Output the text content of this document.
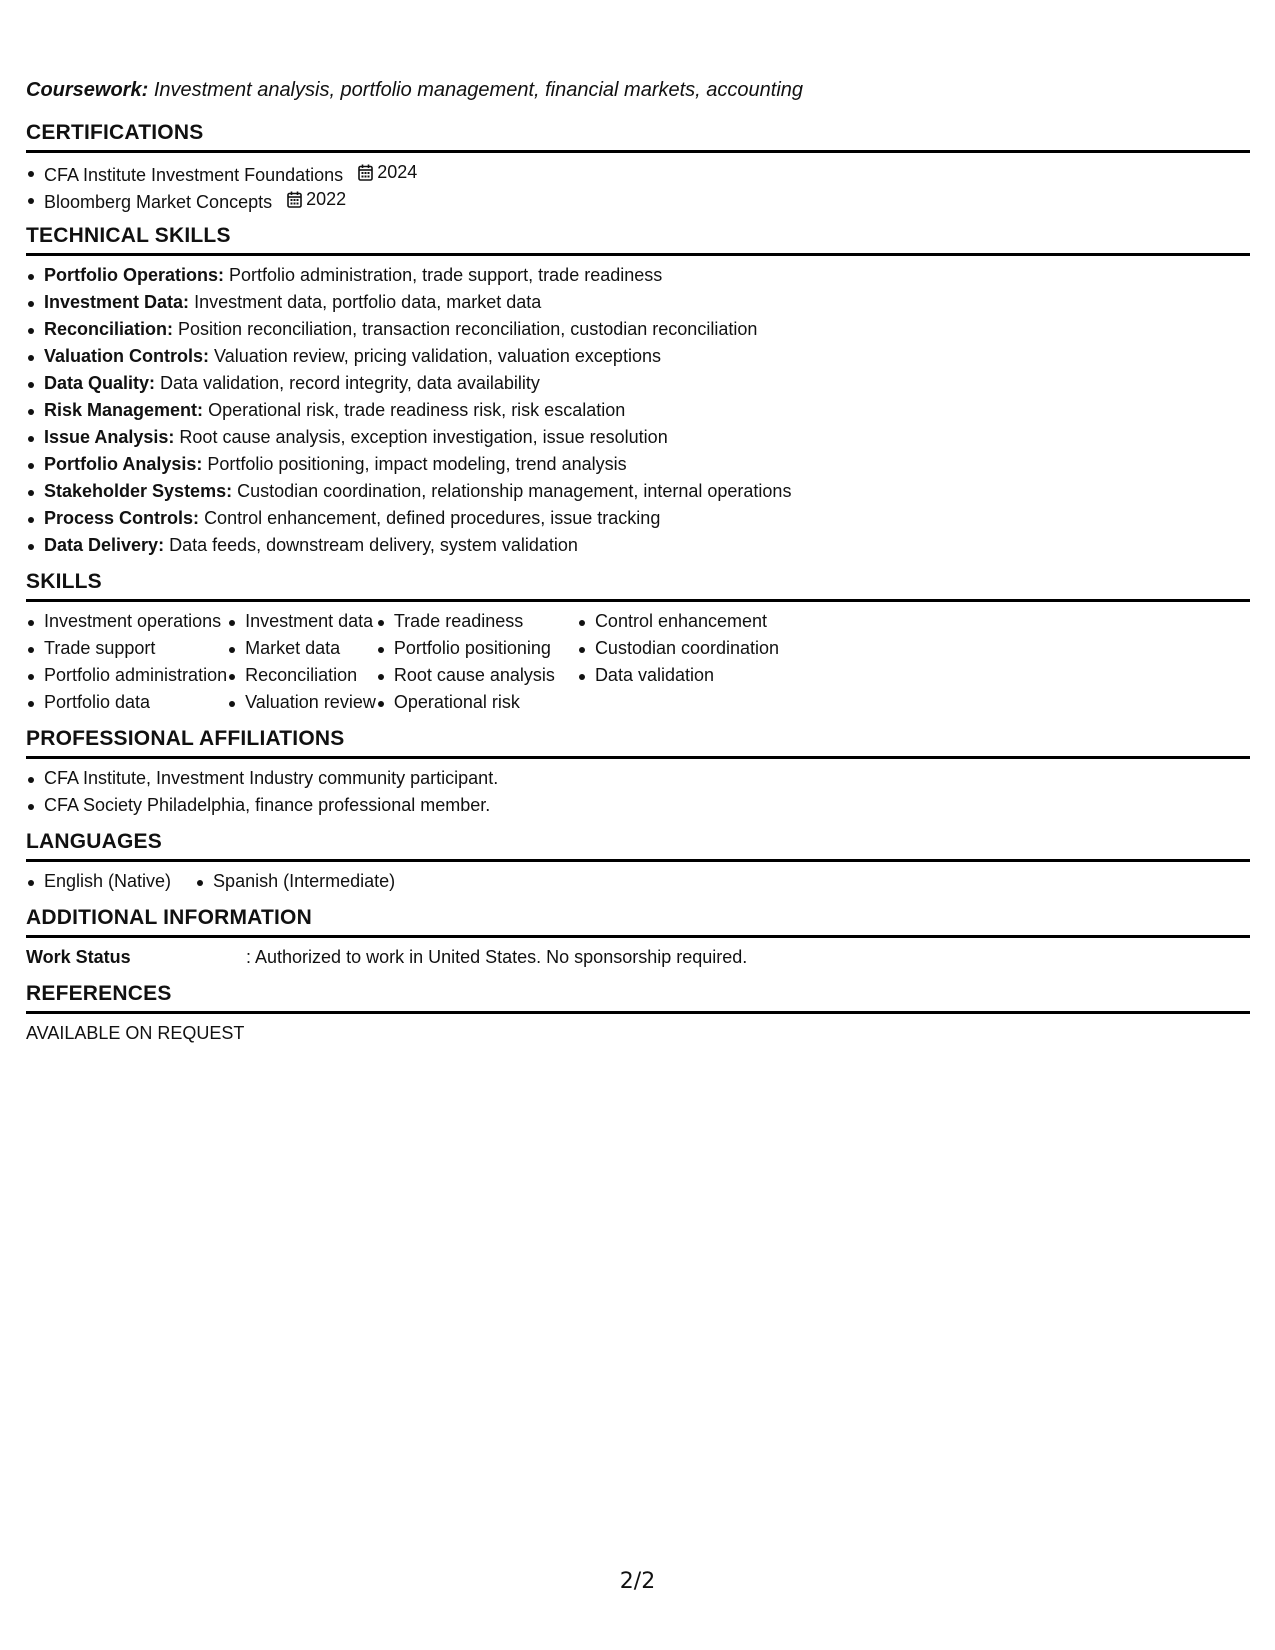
Coursework: Investment analysis, portfolio management, financial markets, accounting
CERTIFICATIONS
CFA Institute Investment Foundations 2024
Bloomberg Market Concepts 2022
TECHNICAL SKILLS
Portfolio Operations: Portfolio administration, trade support, trade readiness
Investment Data: Investment data, portfolio data, market data
Reconciliation: Position reconciliation, transaction reconciliation, custodian reconciliation
Valuation Controls: Valuation review, pricing validation, valuation exceptions
Data Quality: Data validation, record integrity, data availability
Risk Management: Operational risk, trade readiness risk, risk escalation
Issue Analysis: Root cause analysis, exception investigation, issue resolution
Portfolio Analysis: Portfolio positioning, impact modeling, trend analysis
Stakeholder Systems: Custodian coordination, relationship management, internal operations
Process Controls: Control enhancement, defined procedures, issue tracking
Data Delivery: Data feeds, downstream delivery, system validation
SKILLS
Investment operations
Trade support
Portfolio administration
Portfolio data
Investment data
Market data
Reconciliation
Valuation review
Trade readiness
Portfolio positioning
Root cause analysis
Operational risk
Control enhancement
Custodian coordination
Data validation
PROFESSIONAL AFFILIATIONS
CFA Institute, Investment Industry community participant.
CFA Society Philadelphia, finance professional member.
LANGUAGES
English (Native)	Spanish (Intermediate)
ADDITIONAL INFORMATION
Work Status	: Authorized to work in United States. No sponsorship required.
REFERENCES
AVAILABLE ON REQUEST
2/2
